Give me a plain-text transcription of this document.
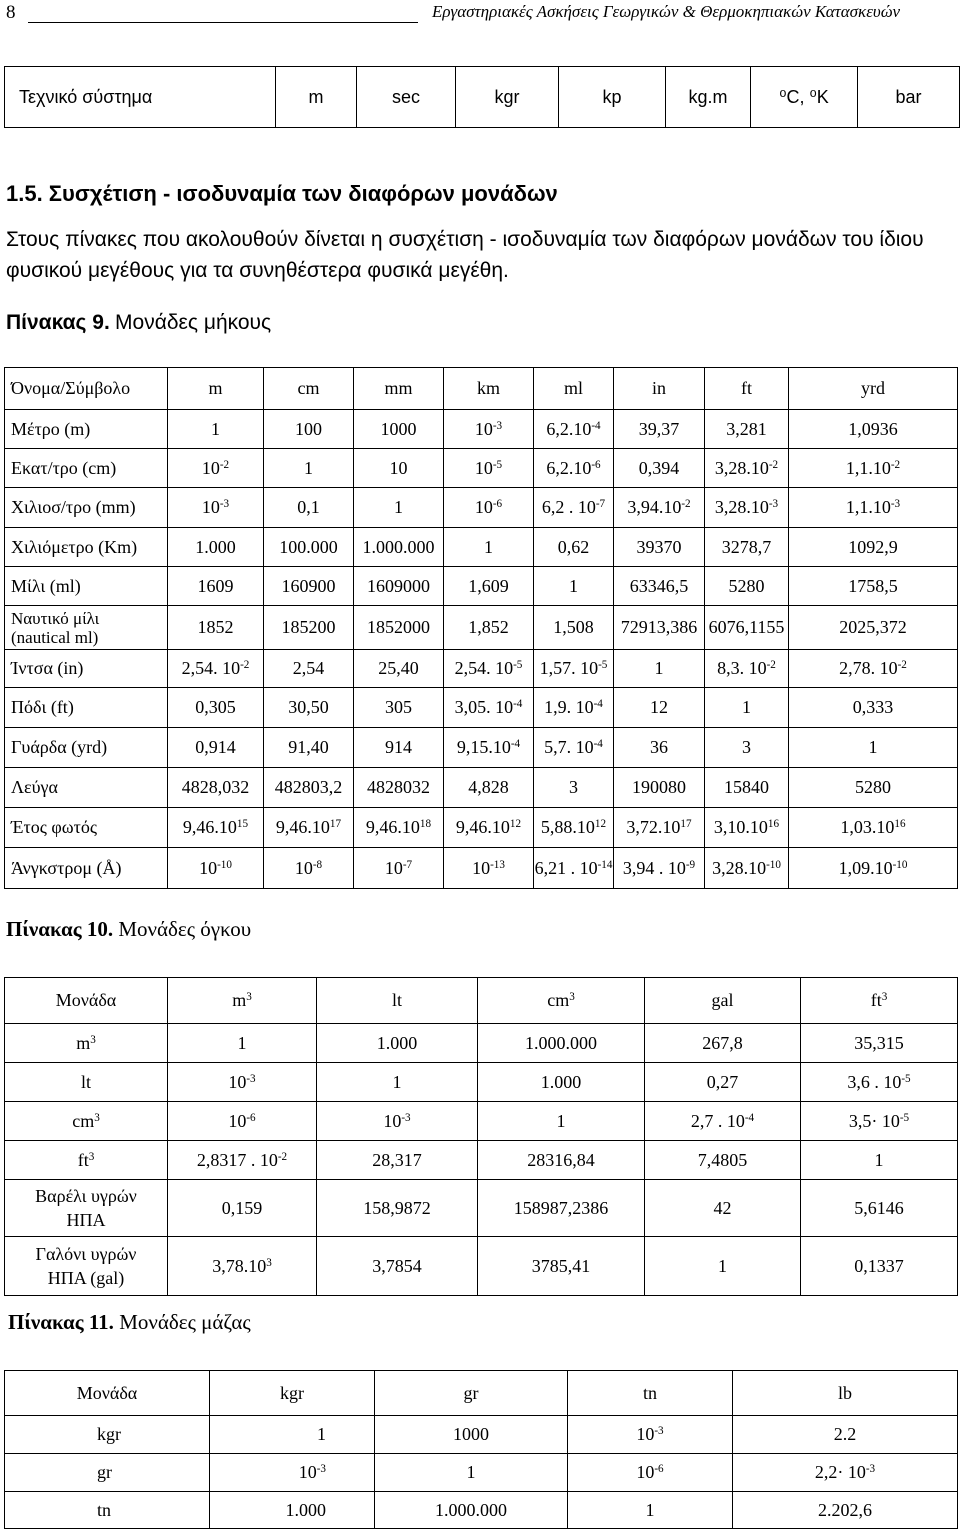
8	Εργαστηριακές Ασκήσεις Γεωργικών & Θερμοκηπιακών Κατασκευών
Τεχνικό σύστημα	m	sec	kgr	kp	kg.m	⁰C, ⁰K	bar
1.5. Συσχέτιση - ισοδυναμία των διαφόρων μονάδων
Στους πίνακες που ακολουθούν δίνεται η συσχέτιση - ισοδυναμία των διαφόρων μονάδων του ίδιου φυσικού μεγέθους για τα συνηθέστερα φυσικά μεγέθη.
Πίνακας 9. Μονάδες μήκους
Όνομα/Σύμβολο	m	cm	mm	km	ml	in	ft	yrd
Μέτρο (m)	1	100	1000	$10^{-3}$	$6,2.10^{-4}$	39,37	3,281	1,0936
Εκατ/τρο (cm)	$10^{-2}$	1	10	$10^{-5}$	$6,2.10^{-6}$	0,394	$3,28.10^{-2}$	$1,1.10^{-2}$
Χιλιοσ/τρο (mm)	$10^{-3}$	0,1	1	$10^{-6}$	6,2 . $10^{-7}$	$3,94.10^{-2}$	$3,28.10^{-3}$	$1,1.10^{-3}$
Χιλιόμετρο (Km)	1.000	100.000	1.000.000	1	0,62	39370	3278,7	1092,9
Μίλι (ml)	1609	160900	1609000	1,609	1	63346,5	5280	1758,5
Ναυτικό μίλι
(nautical ml)	1852	185200	1852000	1,852	1,508	72913,386	6076,1155	2025,372
Ίντσα (in)	2,54. $10^{-2}$	2,54	25,40	2,54. $10^{-5}$	1,57. $10^{-5}$	1	8,3. $10^{-2}$	2,78. $10^{-2}$
Πόδι (ft)	0,305	30,50	305	3,05. $10^{-4}$	1,9. $10^{-4}$	12	1	0,333
Γυάρδα (yrd)	0,914	91,40	914	$9,15.10^{-4}$	5,7. $10^{-4}$	36	3	1
Λεύγα	4828,032	482803,2	4828032	4,828	3	190080	15840	5280
Έτος φωτός	9,46.10$^{15}$	9,46.10$^{17}$	9,46.10$^{18}$	9,46.10$^{12}$	5,88.10$^{12}$	3,72.10$^{17}$	3,10.10$^{16}$	1,03.10$^{16}$
Άνγκστρομ (Å)	$10^{-10}$	$10^{-8}$	$10^{-7}$	$10^{-13}$	6,21 . $10^{-14}$	3,94 . $10^{-9}$	$3,28.10^{-10}$	$1,09.10^{-10}$
Πίνακας 10. Μονάδες όγκου
Μονάδα	$m^3$	lt	$cm^3$	gal	$ft^3$
$m^3$	1	1.000	1.000.000	267,8	35,315
lt	$10^{-3}$	1	1.000	0,27	3,6 . $10^{-5}$
$cm^3$	$10^{-6}$	$10^{-3}$	1	2,7 . $10^{-4}$	$3,5\cdot 10^{-5}$
$ft^3$	2,8317 . $10^{-2}$	28,317	28316,84	7,4805	1
Βαρέλι υγρών
ΗΠΑ	0,159	158,9872	158987,2386	42	5,6146
Γαλόνι υγρών
ΗΠΑ (gal)	3,78.10$^3$	3,7854	3785,41	1	0,1337
Πίνακας 11. Μονάδες μάζας
Μονάδα	kgr	gr	tn	lb
kgr	1	1000	$10^{-3}$	2.2
gr	$10^{-3}$	1	$10^{-6}$	$2,2\cdot 10^{-3}$
tn	1.000	1.000.000	1	2.202,6
